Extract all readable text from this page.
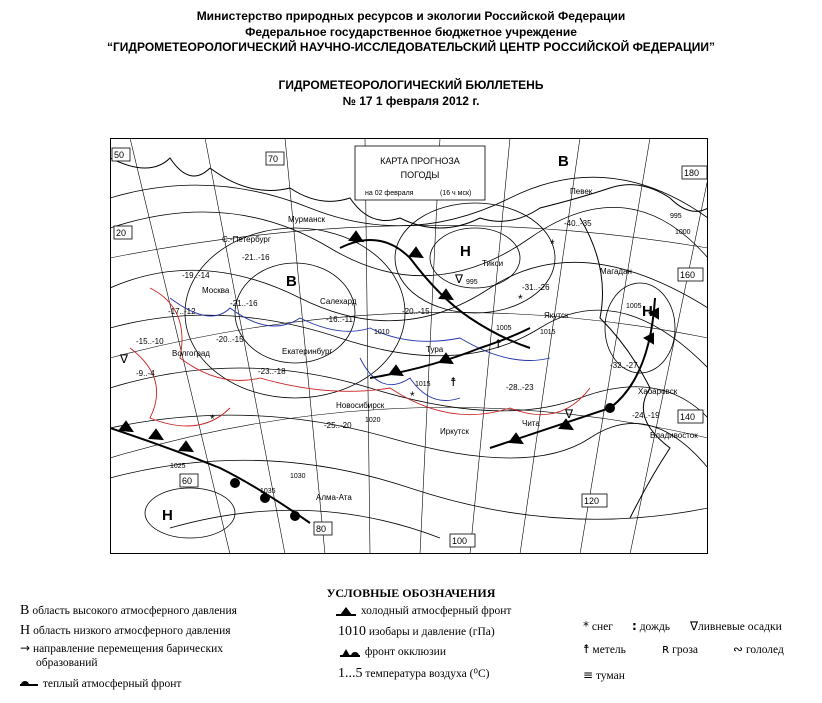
Министерство природных ресурсов и экологии Российской Федерации
Федеральное государственное бюджетное учреждение
“ГИДРОМЕТЕОРОЛОГИЧЕСКИЙ НАУЧНО-ИССЛЕДОВАТЕЛЬСКИЙ ЦЕНТР РОССИЙСКОЙ ФЕДЕРАЦИИ”
ГИДРОМЕТЕОРОЛОГИЧЕСКИЙ БЮЛЛЕТЕНЬ
№ 17 1 февраля 2012 г.
КАРТА ПРОГНОЗА
ПОГОДЫ
на 02 февраля	(16 ч мск)
50	70
180
20
160
140
60
80
100
120
Мурманск
С.-Петербург
Москва
Волгоград
Салехард
Екатеринбург
Новосибирск
Тура
Иркутск
Чита
Якутск
Тикси
Певек
Магадан
Хабаровск
Владивосток
Алма-Ата
-21..-16
-19..-14
-21..-16
-17..-12
-15..-10	-20..-15
-9..-4
-16..-11
-23..-18
-20..-15
-25..-20
-31..-26
-28..-23
-40..-35
-32..-27
-24..-19
995
1005
1010
1015
1020
1025
1030
1035
995
1000
1005
1015
В
В
Н
Н
Н
*
*
*
*
∇
∇
∇
☨
☨
УСЛОВНЫЕ ОБОЗНАЧЕНИЯ
В область высокого атмосферного давления
Н область низкого атмосферного давления
→ направление перемещения барических
образований
теплый атмосферный фронт
холодный атмосферный фронт
1010 изобары и давление (гПа)
фронт окклюзии
1...5 температура воздуха (⁰С)
* снег : дождь ∇ливневые осадки
☨ метель	ʀ гроза	∾ гололед
≡ туман
